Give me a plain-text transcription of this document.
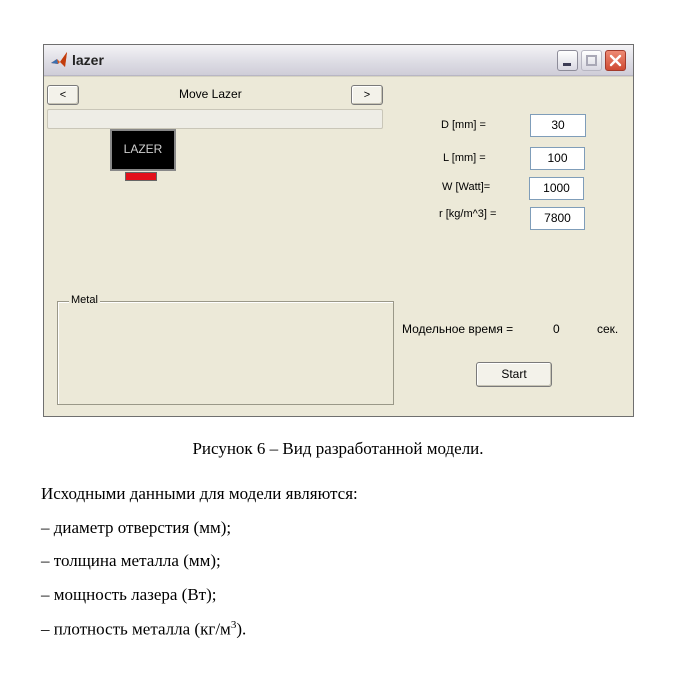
lazer
<	Move Lazer	>
LAZER
D [mm] =	30
L [mm] =	100
W [Watt]=	1000
r [kg/m^3] =	7800
Metal
Модельное время =	0	сек.
Start
Рисунок 6 – Вид разработанной модели.
Исходными данными для модели являются:
– диаметр отверстия (мм);
– толщина металла (мм);
– мощность лазера (Вт);
– плотность металла $(кг/м^3)$.
